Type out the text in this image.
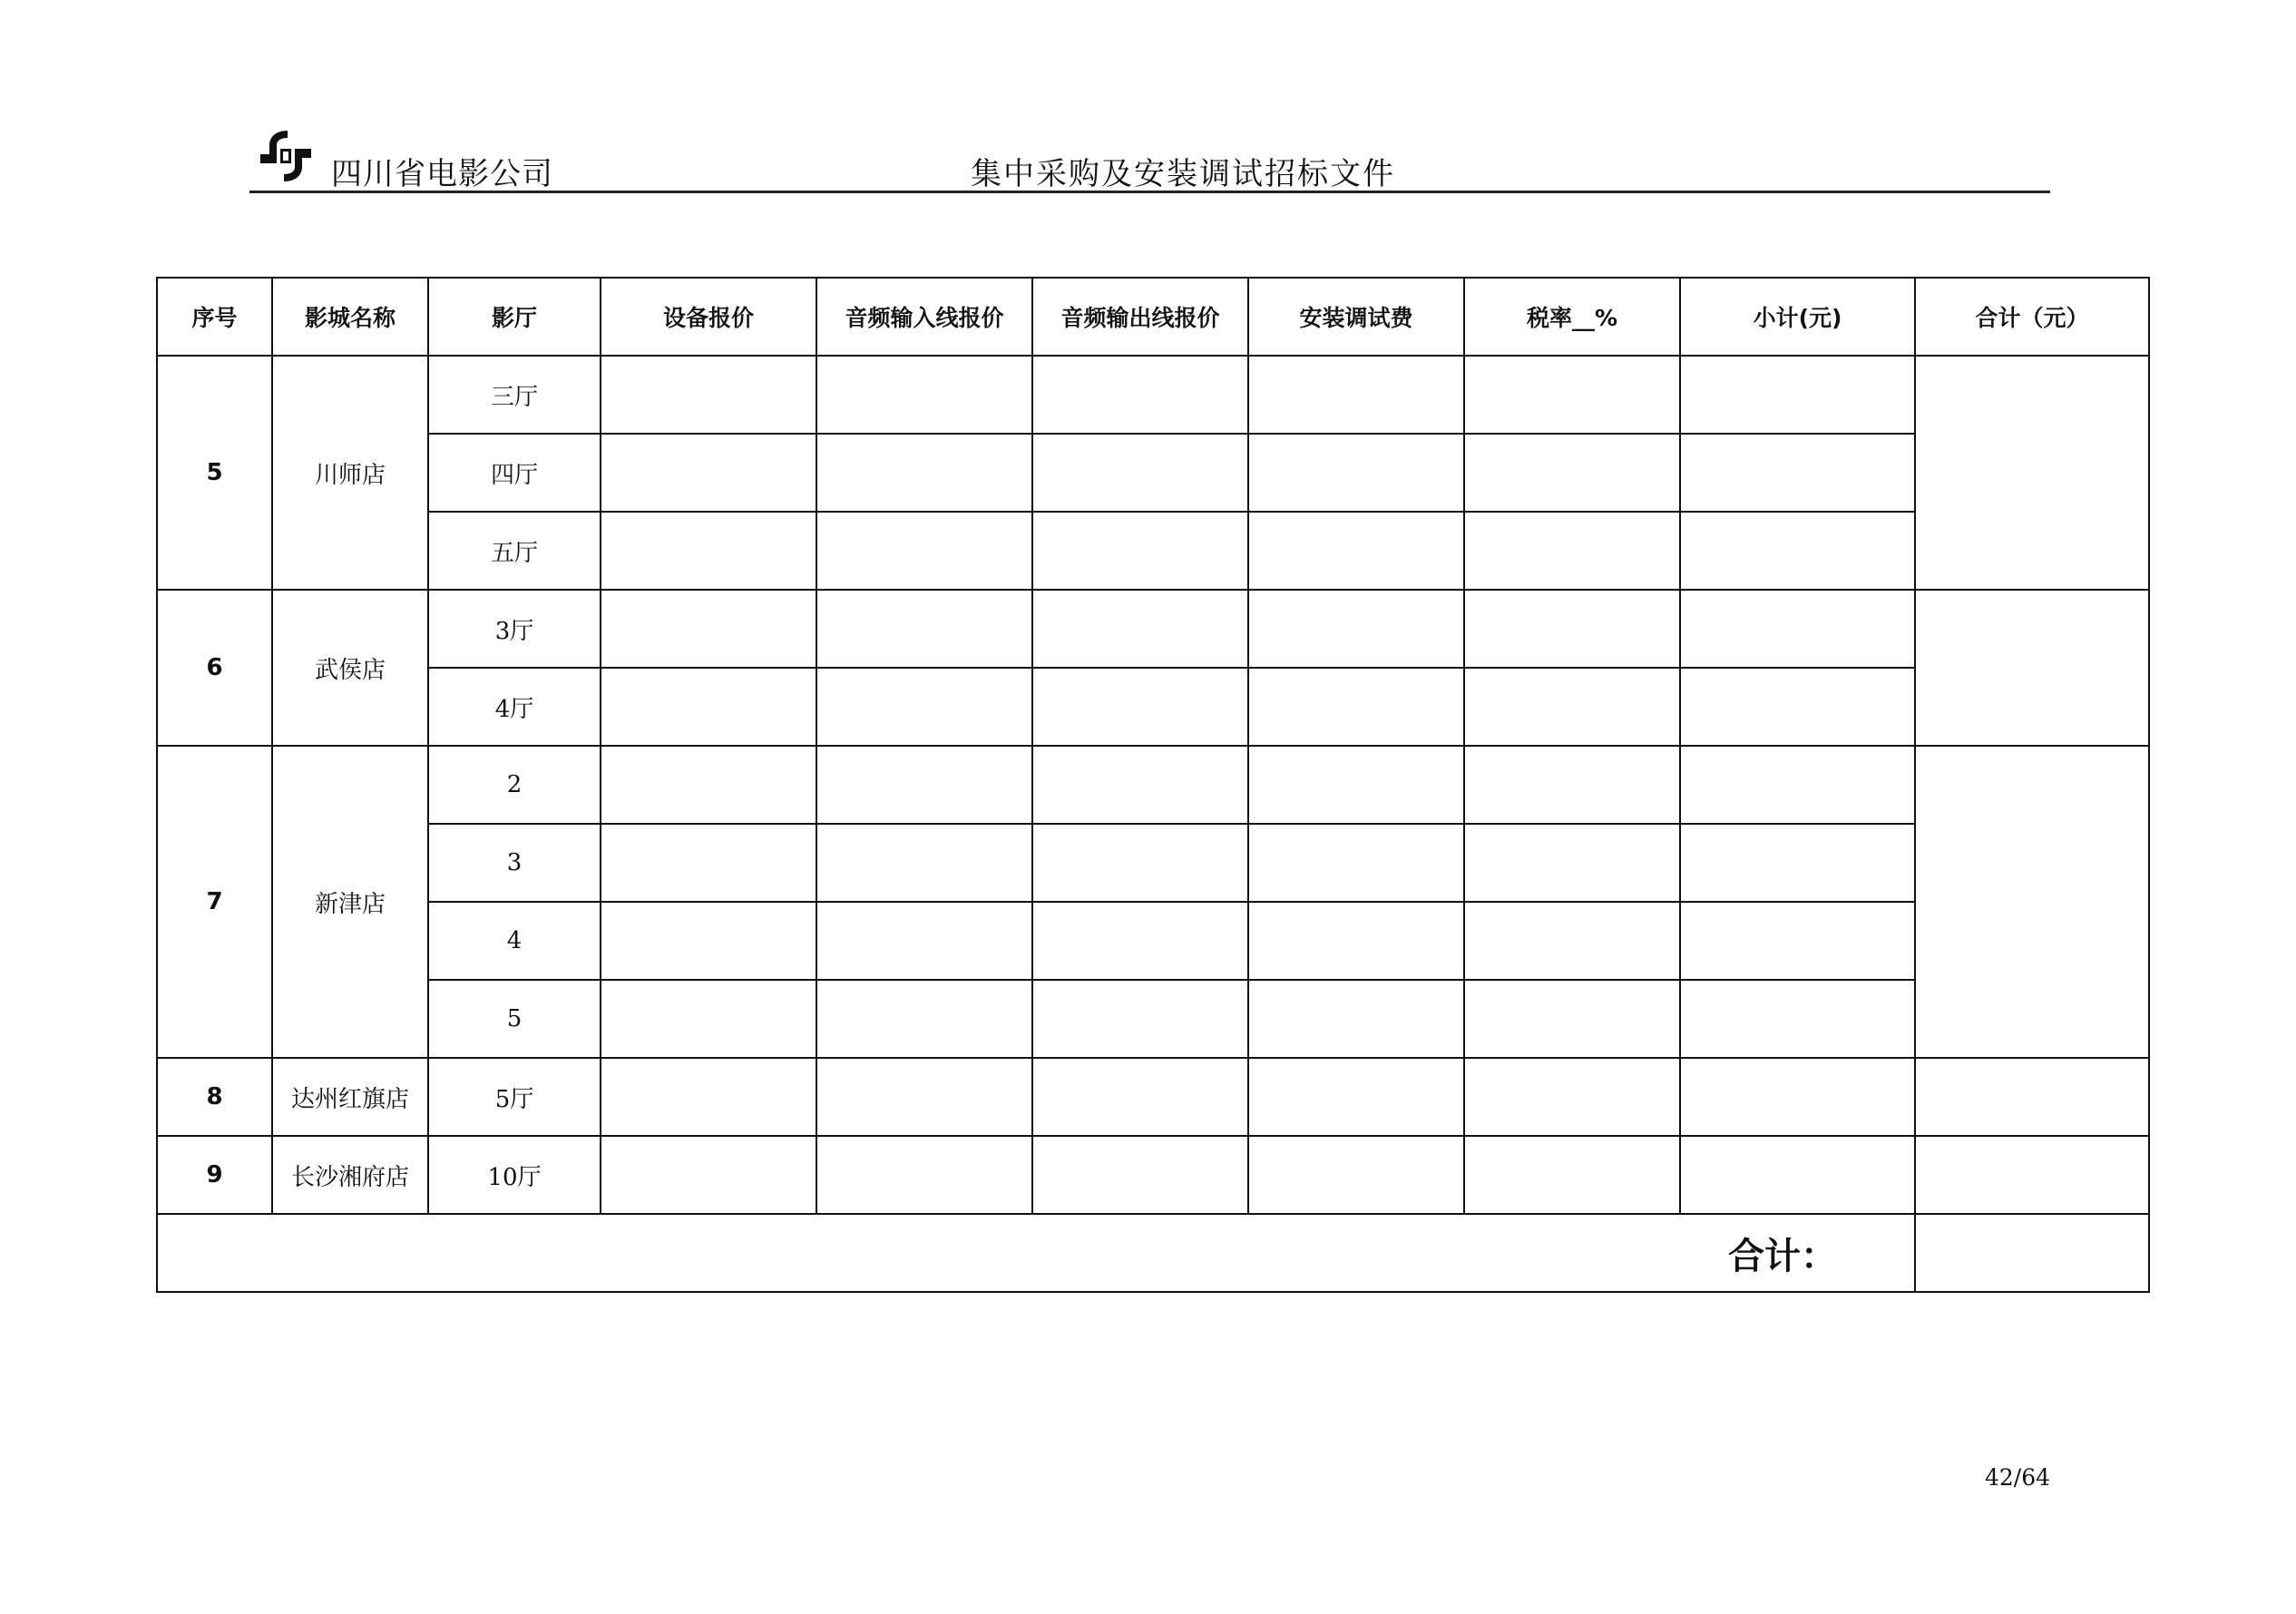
四川省电影公司	集中采购及安装调试招标文件
序号	影城名称	影厅	设备报价	音频输入线报价	音频输出线报价	安装调试费	税率__%	小计(元)	合计（元）
5	川师店	三厅							
		四厅							
		五厅							
6	武侯店	3厅							
		4厅							
7	新津店	2							
		3							
		4							
		5							
8	达州红旗店	5厅							
9	长沙湘府店	10厅							

合计：									

42/64
